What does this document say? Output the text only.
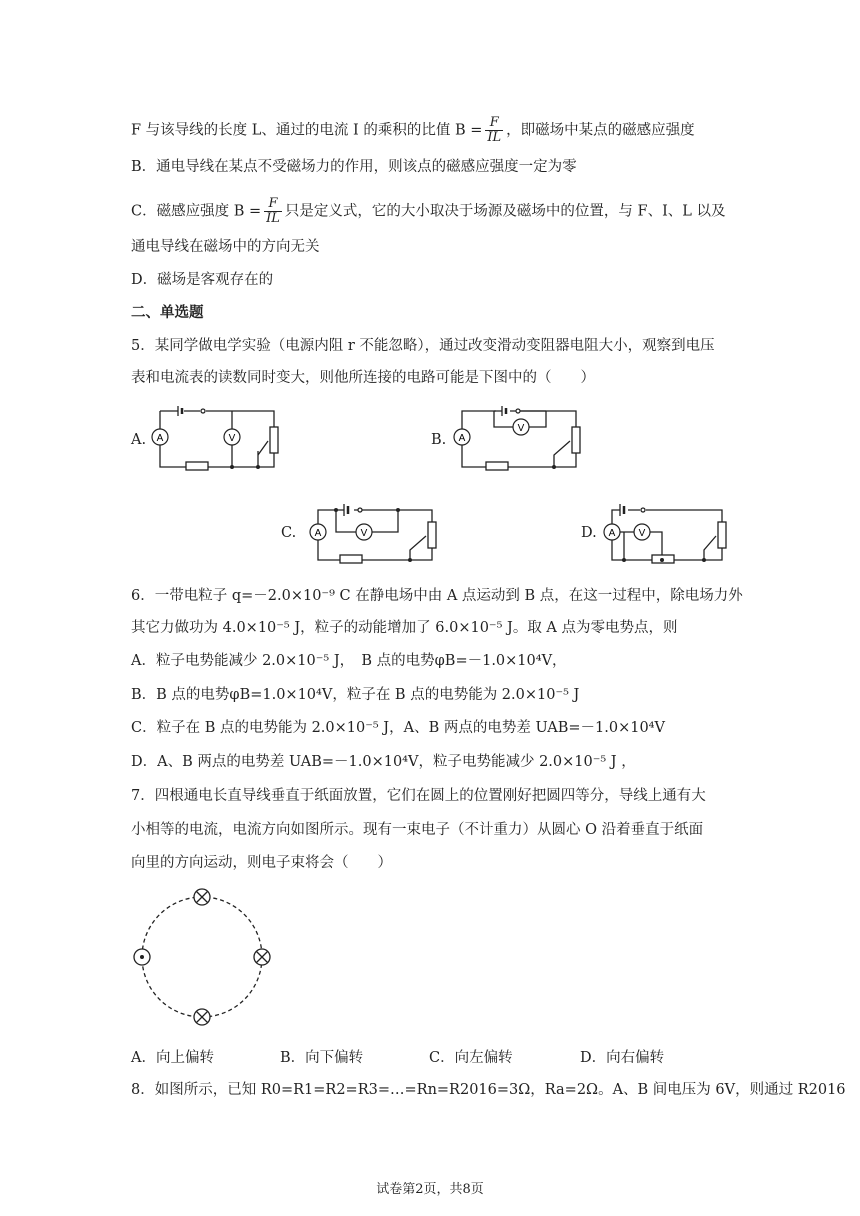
F 与该导线的长度 L、通过的电流 I 的乘积的比值 $B = \frac{F}{IL}$ ，即磁场中某点的磁感应强度
B．通电导线在某点不受磁场力的作用，则该点的磁感应强度一定为零
C．磁感应强度 $B = \frac{F}{IL}$ 只是定义式，它的大小取决于场源及磁场中的位置，与 F、I、L 以及
通电导线在磁场中的方向无关
D．磁场是客观存在的
二、单选题
5．某同学做电学实验（电源内阻 r 不能忽略），通过改变滑动变阻器电阻大小，观察到电压
表和电流表的读数同时变大，则他所连接的电路可能是下图中的（　　）
A. A	V	B. A
V
C. A	V	D. A V
6．一带电粒子 q=－2.0×10⁻⁹ C 在静电场中由 A 点运动到 B 点，在这一过程中，除电场力外
其它力做功为 4.0×10⁻⁵ J，粒子的动能增加了 6.0×10⁻⁵ J。取 A 点为零电势点，则
A．粒子电势能减少 2.0×10⁻⁵ J，　B 点的电势φB=－1.0×10⁴V，
B．B 点的电势φB=1.0×10⁴V，粒子在 B 点的电势能为 2.0×10⁻⁵ J
C．粒子在 B 点的电势能为 2.0×10⁻⁵ J，A、B 两点的电势差 UAB=－1.0×10⁴V
D．A、B 两点的电势差 UAB=－1.0×10⁴V，粒子电势能减少 2.0×10⁻⁵ J ，
7．四根通电长直导线垂直于纸面放置，它们在圆上的位置刚好把圆四等分，导线上通有大
小相等的电流，电流方向如图所示。现有一束电子（不计重力）从圆心 O 沿着垂直于纸面
向里的方向运动，则电子束将会（　　）
A．向上偏转	B．向下偏转	C．向左偏转	D．向右偏转
8．如图所示，已知 R0=R1=R2=R3=…=Rn=R2016=3Ω，Ra=2Ω。A、B 间电压为 6V，则通过 R2016
试卷第2页，共8页
